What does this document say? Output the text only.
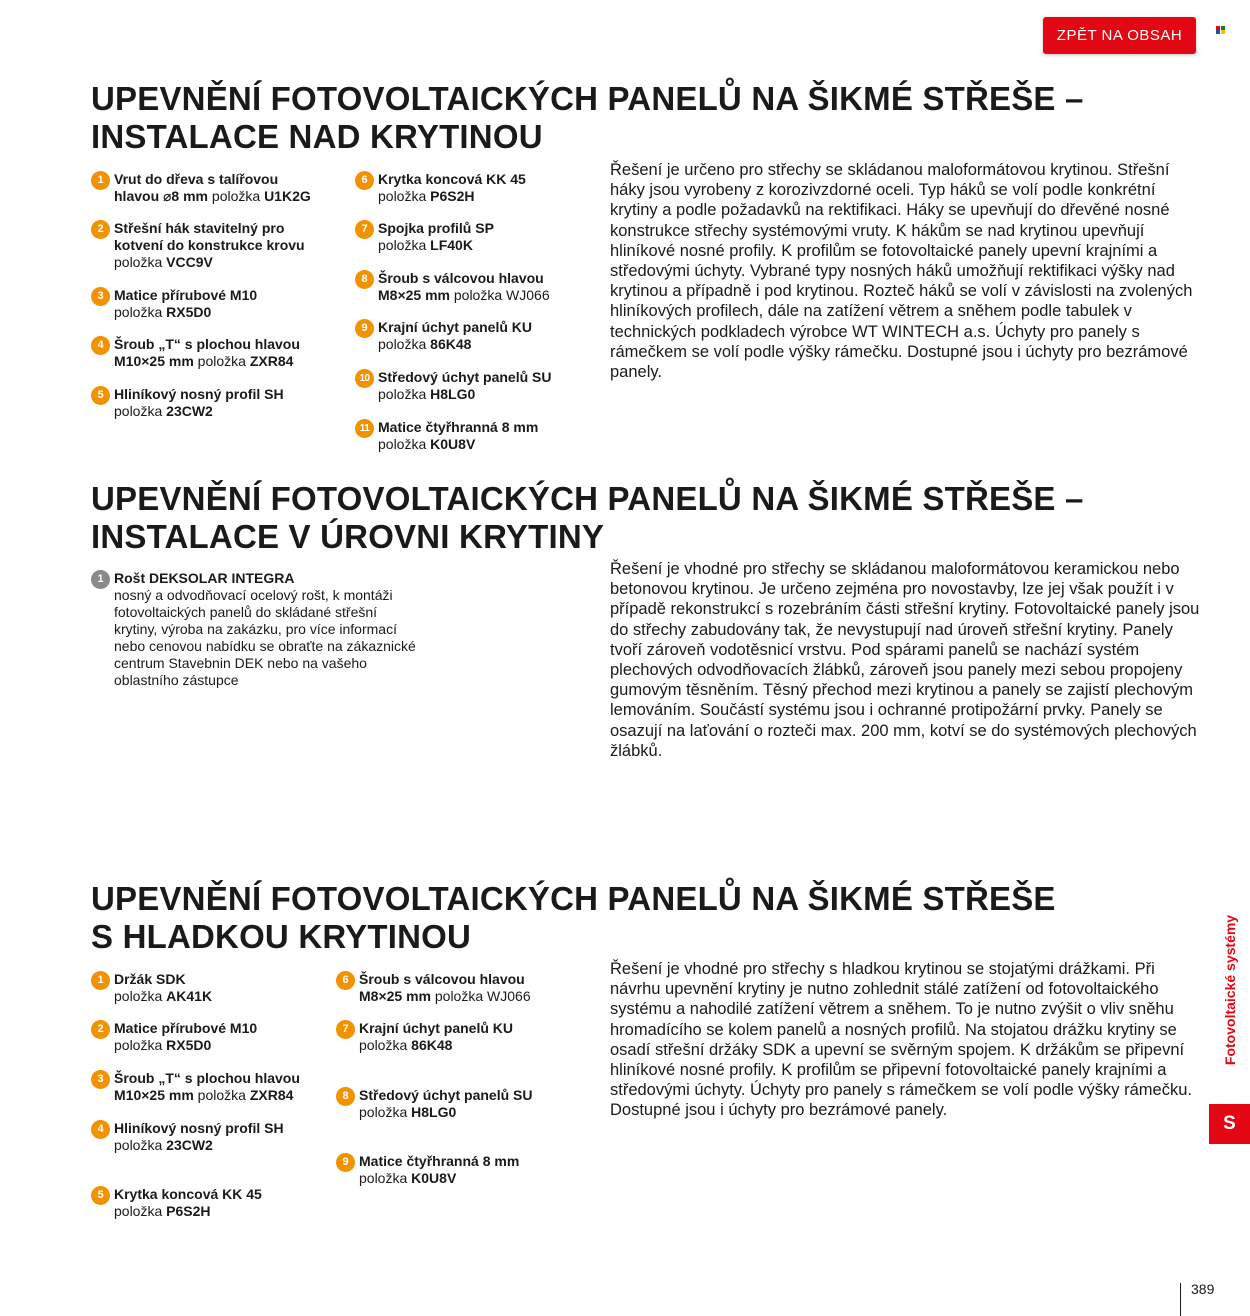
ZPĚT NA OBSAH
UPEVNĚNÍ FOTOVOLTAICKÝCH PANELŮ NA ŠIKMÉ STŘEŠE –
INSTALACE NAD KRYTINOU
1 Vrut do dřeva s talířovou
hlavou ⌀8 mm položka U1K2G
2 Střešní hák stavitelný pro
kotvení do konstrukce krovu
položka VCC9V
3 Matice přírubové M10
položka RX5D0
4 Šroub „T“ s plochou hlavou
M10×25 mm položka ZXR84
5 Hliníkový nosný profil SH
položka 23CW2
6 Krytka koncová KK 45
položka P6S2H
7 Spojka profilů SP
položka LF40K
8 Šroub s válcovou hlavou
M8×25 mm položka WJ066
9 Krajní úchyt panelů KU
položka 86K48
10 Středový úchyt panelů SU
položka H8LG0
11 Matice čtyřhranná 8 mm
položka K0U8V

Řešení je určeno pro střechy se skládanou maloformátovou krytinou. Střešní háky jsou vyrobeny z korozivzdorné oceli. Typ háků se volí podle konkrétní krytiny a podle požadavků na rektifikaci. Háky se upevňují do dřevěné nosné konstrukce střechy systémovými vruty. K hákům se nad krytinou upevňují hliníkové nosné profily. K profilům se fotovoltaické panely upevní krajními a středovými úchyty. Vybrané typy nosných háků umožňují rektifikaci výšky nad krytinou a případně i pod krytinou. Rozteč háků se volí v závislosti na zvolených hliníkových profilech, dále na zatížení větrem a sněhem podle tabulek v technických podkladech výrobce WT WINTECH a.s. Úchyty pro panely s rámečkem se volí podle výšky rámečku. Dostupné jsou i úchyty pro bezrámové panely.

UPEVNĚNÍ FOTOVOLTAICKÝCH PANELŮ NA ŠIKMÉ STŘEŠE –
INSTALACE V ÚROVNI KRYTINY
1 Rošt DEKSOLAR INTEGRA
nosný a odvodňovací ocelový rošt, k montáži
fotovoltaických panelů do skládané střešní
krytiny, výroba na zakázku, pro více informací
nebo cenovou nabídku se obraťte na zákaznické
centrum Stavebnin DEK nebo na vašeho
oblastního zástupce

Řešení je vhodné pro střechy se skládanou maloformátovou keramickou nebo betonovou krytinou. Je určeno zejména pro novostavby, lze jej však použít i v případě rekonstrukcí s rozebráním části střešní krytiny. Fotovoltaické panely jsou do střechy zabudovány tak, že nevystupují nad úroveň střešní krytiny. Panely tvoří zároveň vodotěsnicí vrstvu. Pod spárami panelů se nachází systém plechových odvodňovacích žlábků, zároveň jsou panely mezi sebou propojeny gumovým těsněním. Těsný přechod mezi krytinou a panely se zajistí plechovým lemováním. Součástí systému jsou i ochranné protipožární prvky. Panely se osazují na laťování o rozteči max. 200 mm, kotví se do systémových plechových žlábků.

UPEVNĚNÍ FOTOVOLTAICKÝCH PANELŮ NA ŠIKMÉ STŘEŠE
S HLADKOU KRYTINOU
1 Držák SDK
položka AK41K
2 Matice přírubové M10
položka RX5D0
3 Šroub „T“ s plochou hlavou
M10×25 mm položka ZXR84
4 Hliníkový nosný profil SH
položka 23CW2
5 Krytka koncová KK 45
položka P6S2H
6 Šroub s válcovou hlavou
M8×25 mm položka WJ066
7 Krajní úchyt panelů KU
položka 86K48
8 Středový úchyt panelů SU
položka H8LG0
9 Matice čtyřhranná 8 mm
položka K0U8V

Řešení je vhodné pro střechy s hladkou krytinou se stojatými drážkami. Při návrhu upevnění krytiny je nutno zohlednit stálé zatížení od fotovoltaického systému a nahodilé zatížení větrem a sněhem. To je nutno zvýšit o vliv sněhu hromadícího se kolem panelů a nosných profilů. Na stojatou drážku krytiny se osadí střešní držáky SDK a upevní se svěrným spojem. K držákům se připevní hliníkové nosné profily. K profilům se připevní fotovoltaické panely krajními a středovými úchyty. Úchyty pro panely s rámečkem se volí podle výšky rámečku. Dostupné jsou i úchyty pro bezrámové panely.

Fotovoltaické systémy
S
389
